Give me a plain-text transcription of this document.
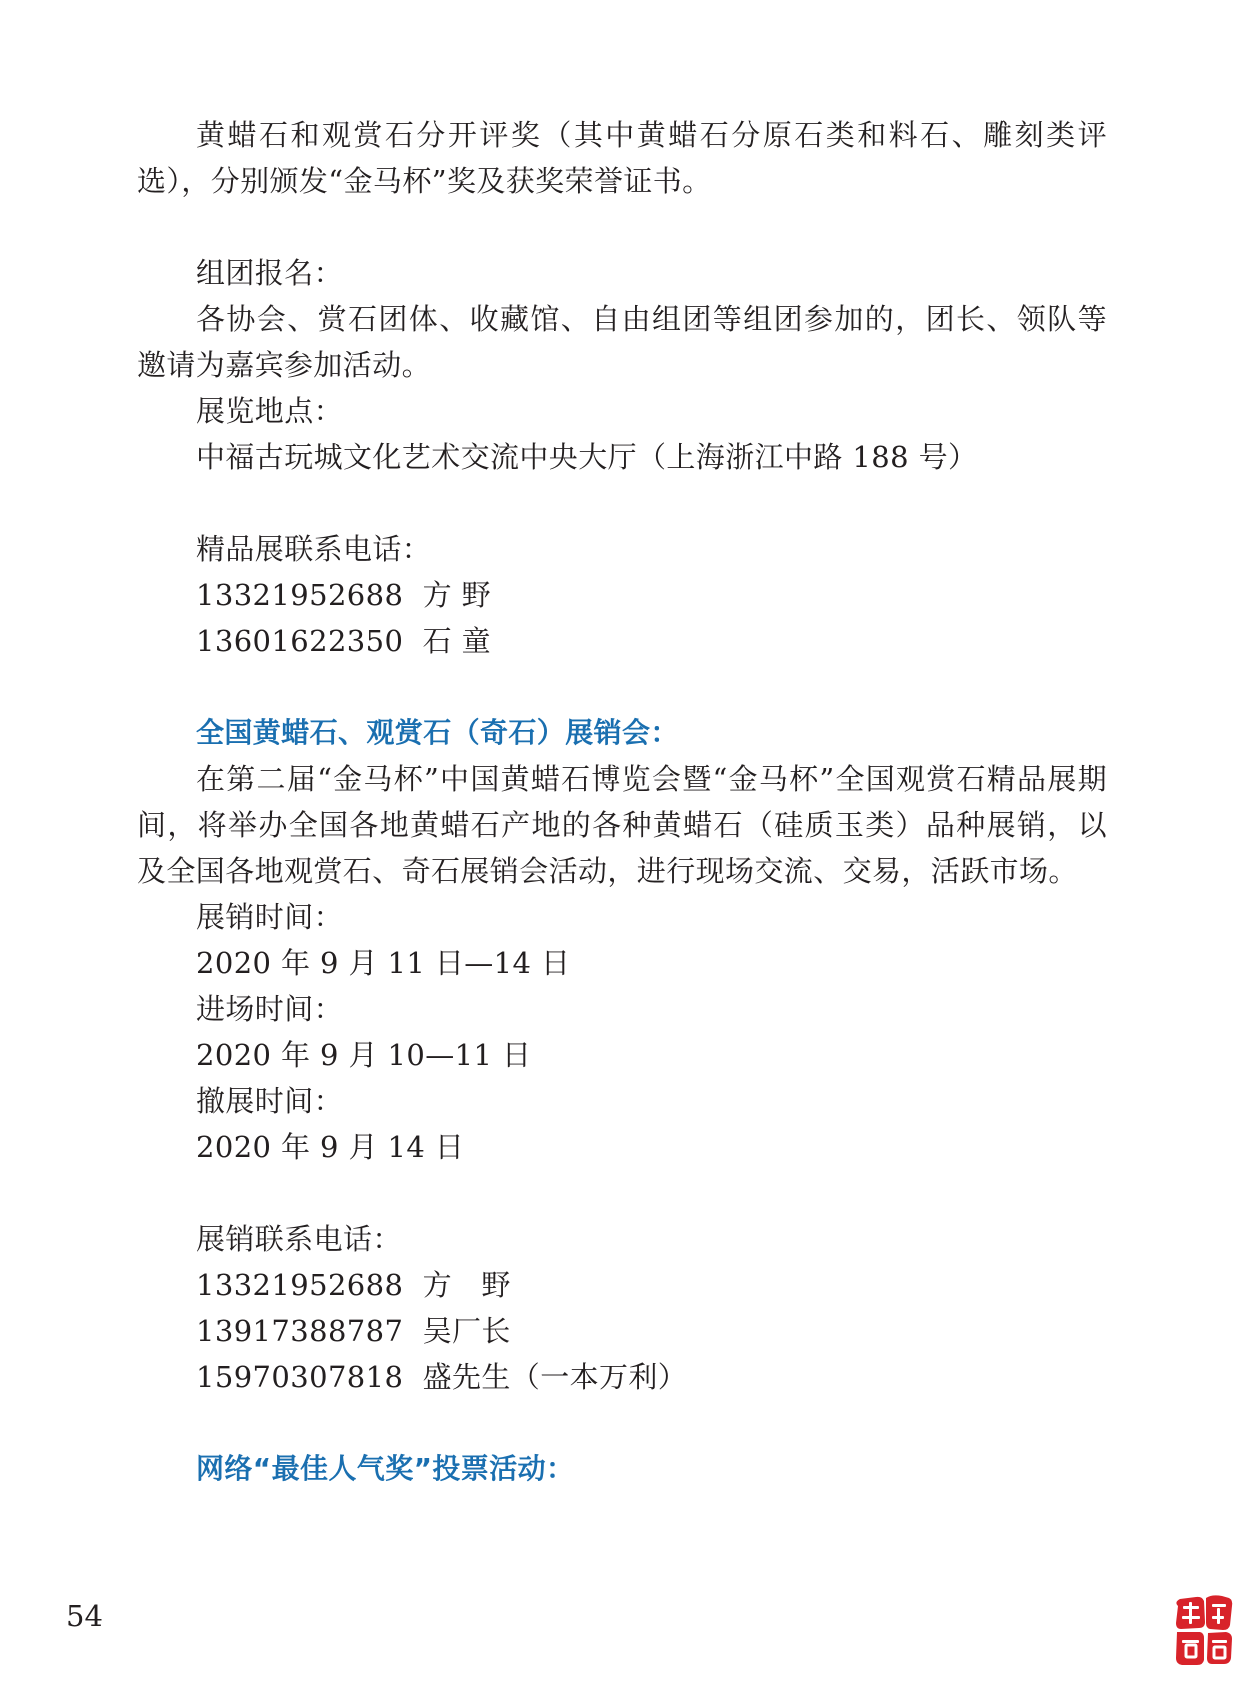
黄蜡石和观赏石分开评奖（其中黄蜡石分原石类和料石、雕刻类评选），分别颁发“金马杯”奖及获奖荣誉证书。

组团报名：

各协会、赏石团体、收藏馆、自由组团等组团参加的，团长、领队等邀请为嘉宾参加活动。

展览地点：

中福古玩城文化艺术交流中央大厅（上海浙江中路 188 号）

精品展联系电话：

13321952688  方 野

13601622350  石 童

全国黄蜡石、观赏石（奇石）展销会：

在第二届“金马杯”中国黄蜡石博览会暨“金马杯”全国观赏石精品展期间，将举办全国各地黄蜡石产地的各种黄蜡石（硅质玉类）品种展销，以及全国各地观赏石、奇石展销会活动，进行现场交流、交易，活跃市场。

展销时间：

2020 年 9 月 11 日—14 日

进场时间：

2020 年 9 月 10—11 日

撤展时间：

2020 年 9 月 14 日

展销联系电话：

13321952688  方　野

13917388787  吴厂长

15970307818  盛先生（一本万利）

网络“最佳人气奖”投票活动：

54
